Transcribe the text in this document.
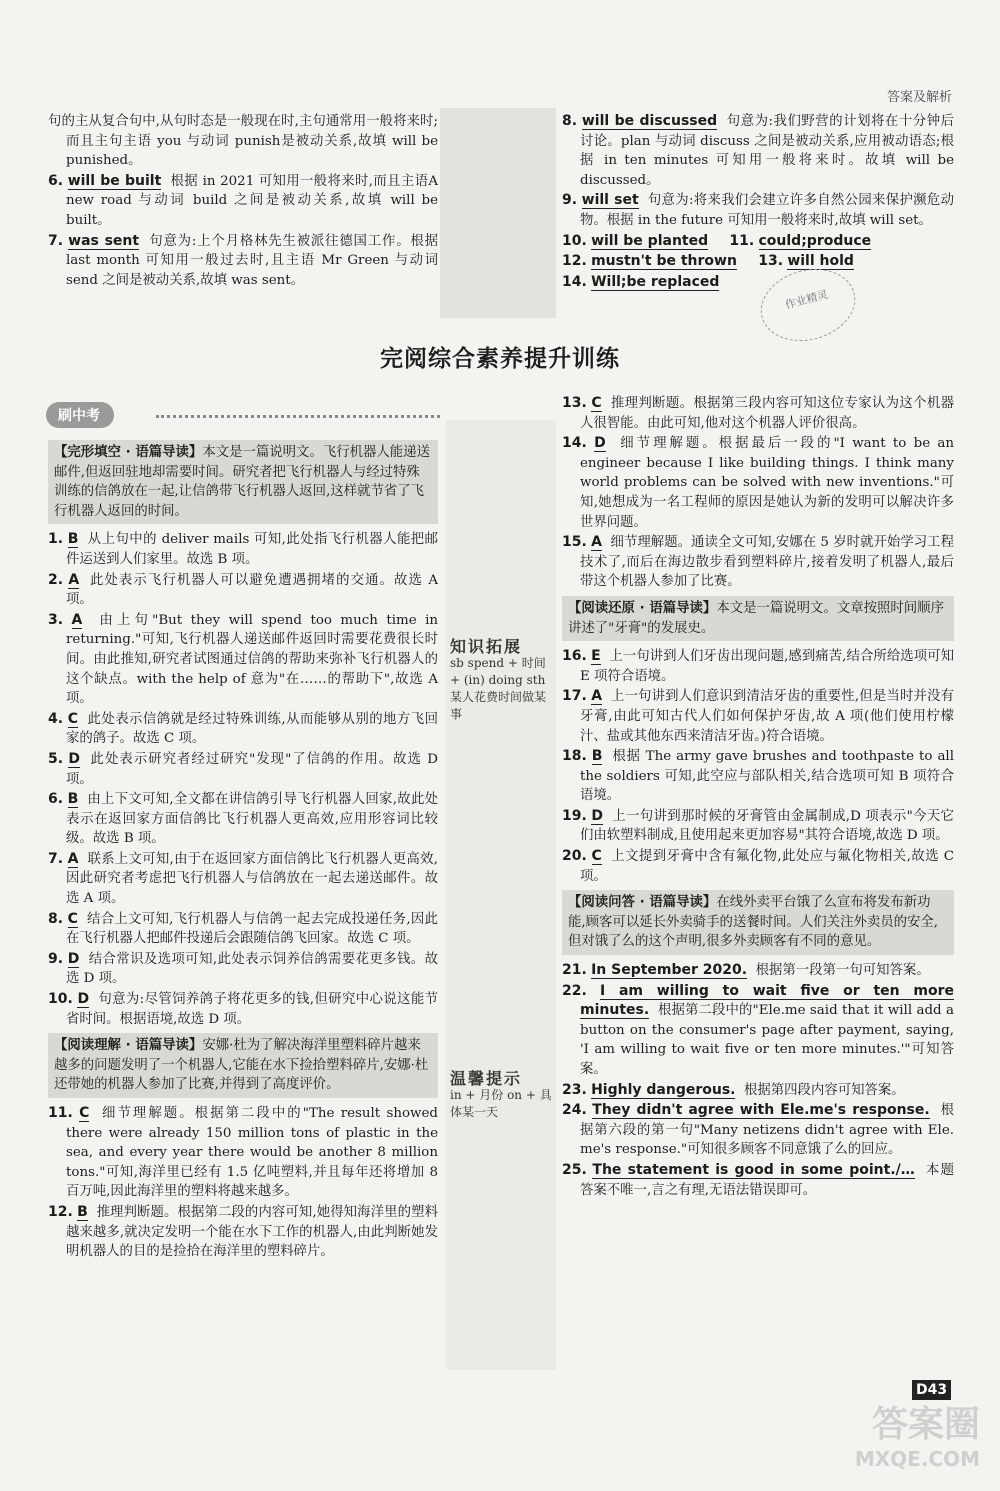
答案及解析

句的主从复合句中,从句时态是一般现在时,主句通常用一般将来时;而且主句主语 you 与动词 punish是被动关系,故填 will be punished。

6. will be built 根据 in 2021 可知用一般将来时,而且主语A new road 与动词 build 之间是被动关系,故填 will be built。

7. was sent 句意为:上个月格林先生被派往德国工作。根据 last month 可知用一般过去时,且主语 Mr Green 与动词 send 之间是被动关系,故填 was sent。

8. will be discussed 句意为:我们野营的计划将在十分钟后讨论。plan 与动词 discuss 之间是被动关系,应用被动语态;根据 in ten minutes 可知用一般将来时。故填 will be discussed。

9. will set 句意为:将来我们会建立许多自然公园来保护濒危动物。根据 in the future 可知用一般将来时,故填 will set。

10. will be planted 11. could;produce

12. mustn't be thrown 13. will hold

14. Will;be replaced

作业精灵
完阅综合素养提升训练
刷中考
【完形填空 · 语篇导读】本文是一篇说明文。飞行机器人能递送邮件,但返回驻地却需要时间。研究者把飞行机器人与经过特殊训练的信鸽放在一起,让信鸽带飞行机器人返回,这样就节省了飞行机器人返回的时间。

1. B 从上句中的 deliver mails 可知,此处指飞行机器人能把邮件运送到人们家里。故选 B 项。

2. A 此处表示飞行机器人可以避免遭遇拥堵的交通。故选 A 项。

3. A 由上句"But they will spend too much time in returning."可知,飞行机器人递送邮件返回时需要花费很长时间。由此推知,研究者试图通过信鸽的帮助来弥补飞行机器人的这个缺点。with the help of 意为"在……的帮助下",故选 A 项。

4. C 此处表示信鸽就是经过特殊训练,从而能够从别的地方飞回家的鸽子。故选 C 项。

5. D 此处表示研究者经过研究"发现"了信鸽的作用。故选 D 项。

6. B 由上下文可知,全文都在讲信鸽引导飞行机器人回家,故此处表示在返回家方面信鸽比飞行机器人更高效,应用形容词比较级。故选 B 项。

7. A 联系上文可知,由于在返回家方面信鸽比飞行机器人更高效,因此研究者考虑把飞行机器人与信鸽放在一起去递送邮件。故选 A 项。

8. C 结合上文可知,飞行机器人与信鸽一起去完成投递任务,因此在飞行机器人把邮件投递后会跟随信鸽飞回家。故选 C 项。

9. D 结合常识及选项可知,此处表示饲养信鸽需要花更多钱。故选 D 项。

10. D 句意为:尽管饲养鸽子将花更多的钱,但研究中心说这能节省时间。根据语境,故选 D 项。

【阅读理解 · 语篇导读】安娜·杜为了解决海洋里塑料碎片越来越多的问题发明了一个机器人,它能在水下捡拾塑料碎片,安娜·杜还带她的机器人参加了比赛,并得到了高度评价。

11. C 细节理解题。根据第二段中的"The result showed there were already 150 million tons of plastic in the sea, and every year there would be another 8 million tons."可知,海洋里已经有 1.5 亿吨塑料,并且每年还将增加 8 百万吨,因此海洋里的塑料将越来越多。

12. B 推理判断题。根据第二段的内容可知,她得知海洋里的塑料越来越多,就决定发明一个能在水下工作的机器人,由此判断她发明机器人的目的是捡拾在海洋里的塑料碎片。

知识拓展
sb spend + 时间 + (in) doing sth 某人花费时间做某事
温馨提示
in + 月份 on + 具体某一天

13. C 推理判断题。根据第三段内容可知这位专家认为这个机器人很智能。由此可知,他对这个机器人评价很高。

14. D 细节理解题。根据最后一段的"I want to be an engineer because I like building things. I think many world problems can be solved with new inventions."可知,她想成为一名工程师的原因是她认为新的发明可以解决许多世界问题。

15. A 细节理解题。通读全文可知,安娜在 5 岁时就开始学习工程技术了,而后在海边散步看到塑料碎片,接着发明了机器人,最后带这个机器人参加了比赛。

【阅读还原 · 语篇导读】本文是一篇说明文。文章按照时间顺序讲述了"牙膏"的发展史。

16. E 上一句讲到人们牙齿出现问题,感到痛苦,结合所给选项可知 E 项符合语境。

17. A 上一句讲到人们意识到清洁牙齿的重要性,但是当时并没有牙膏,由此可知古代人们如何保护牙齿,故 A 项(他们使用柠檬汁、盐或其他东西来清洁牙齿。)符合语境。

18. B 根据 The army gave brushes and toothpaste to all the soldiers 可知,此空应与部队相关,结合选项可知 B 项符合语境。

19. D 上一句讲到那时候的牙膏管由金属制成,D 项表示"今天它们由软塑料制成,且使用起来更加容易"其符合语境,故选 D 项。

20. C 上文提到牙膏中含有氟化物,此处应与氟化物相关,故选 C 项。

【阅读问答 · 语篇导读】在线外卖平台饿了么宣布将发布新功能,顾客可以延长外卖骑手的送餐时间。人们关注外卖员的安全,但对饿了么的这个声明,很多外卖顾客有不同的意见。

21. In September 2020. 根据第一段第一句可知答案。

22. I am willing to wait five or ten more minutes. 根据第二段中的"Ele.me said that it will add a button on the consumer's page after payment, saying, 'I am willing to wait five or ten more minutes.'"可知答案。

23. Highly dangerous. 根据第四段内容可知答案。

24. They didn't agree with Ele.me's response. 根据第六段的第一句"Many netizens didn't agree with Ele. me's response."可知很多顾客不同意饿了么的回应。

25. The statement is good in some point./… 本题答案不唯一,言之有理,无语法错误即可。

D43
答案圈
MXQE.COM
